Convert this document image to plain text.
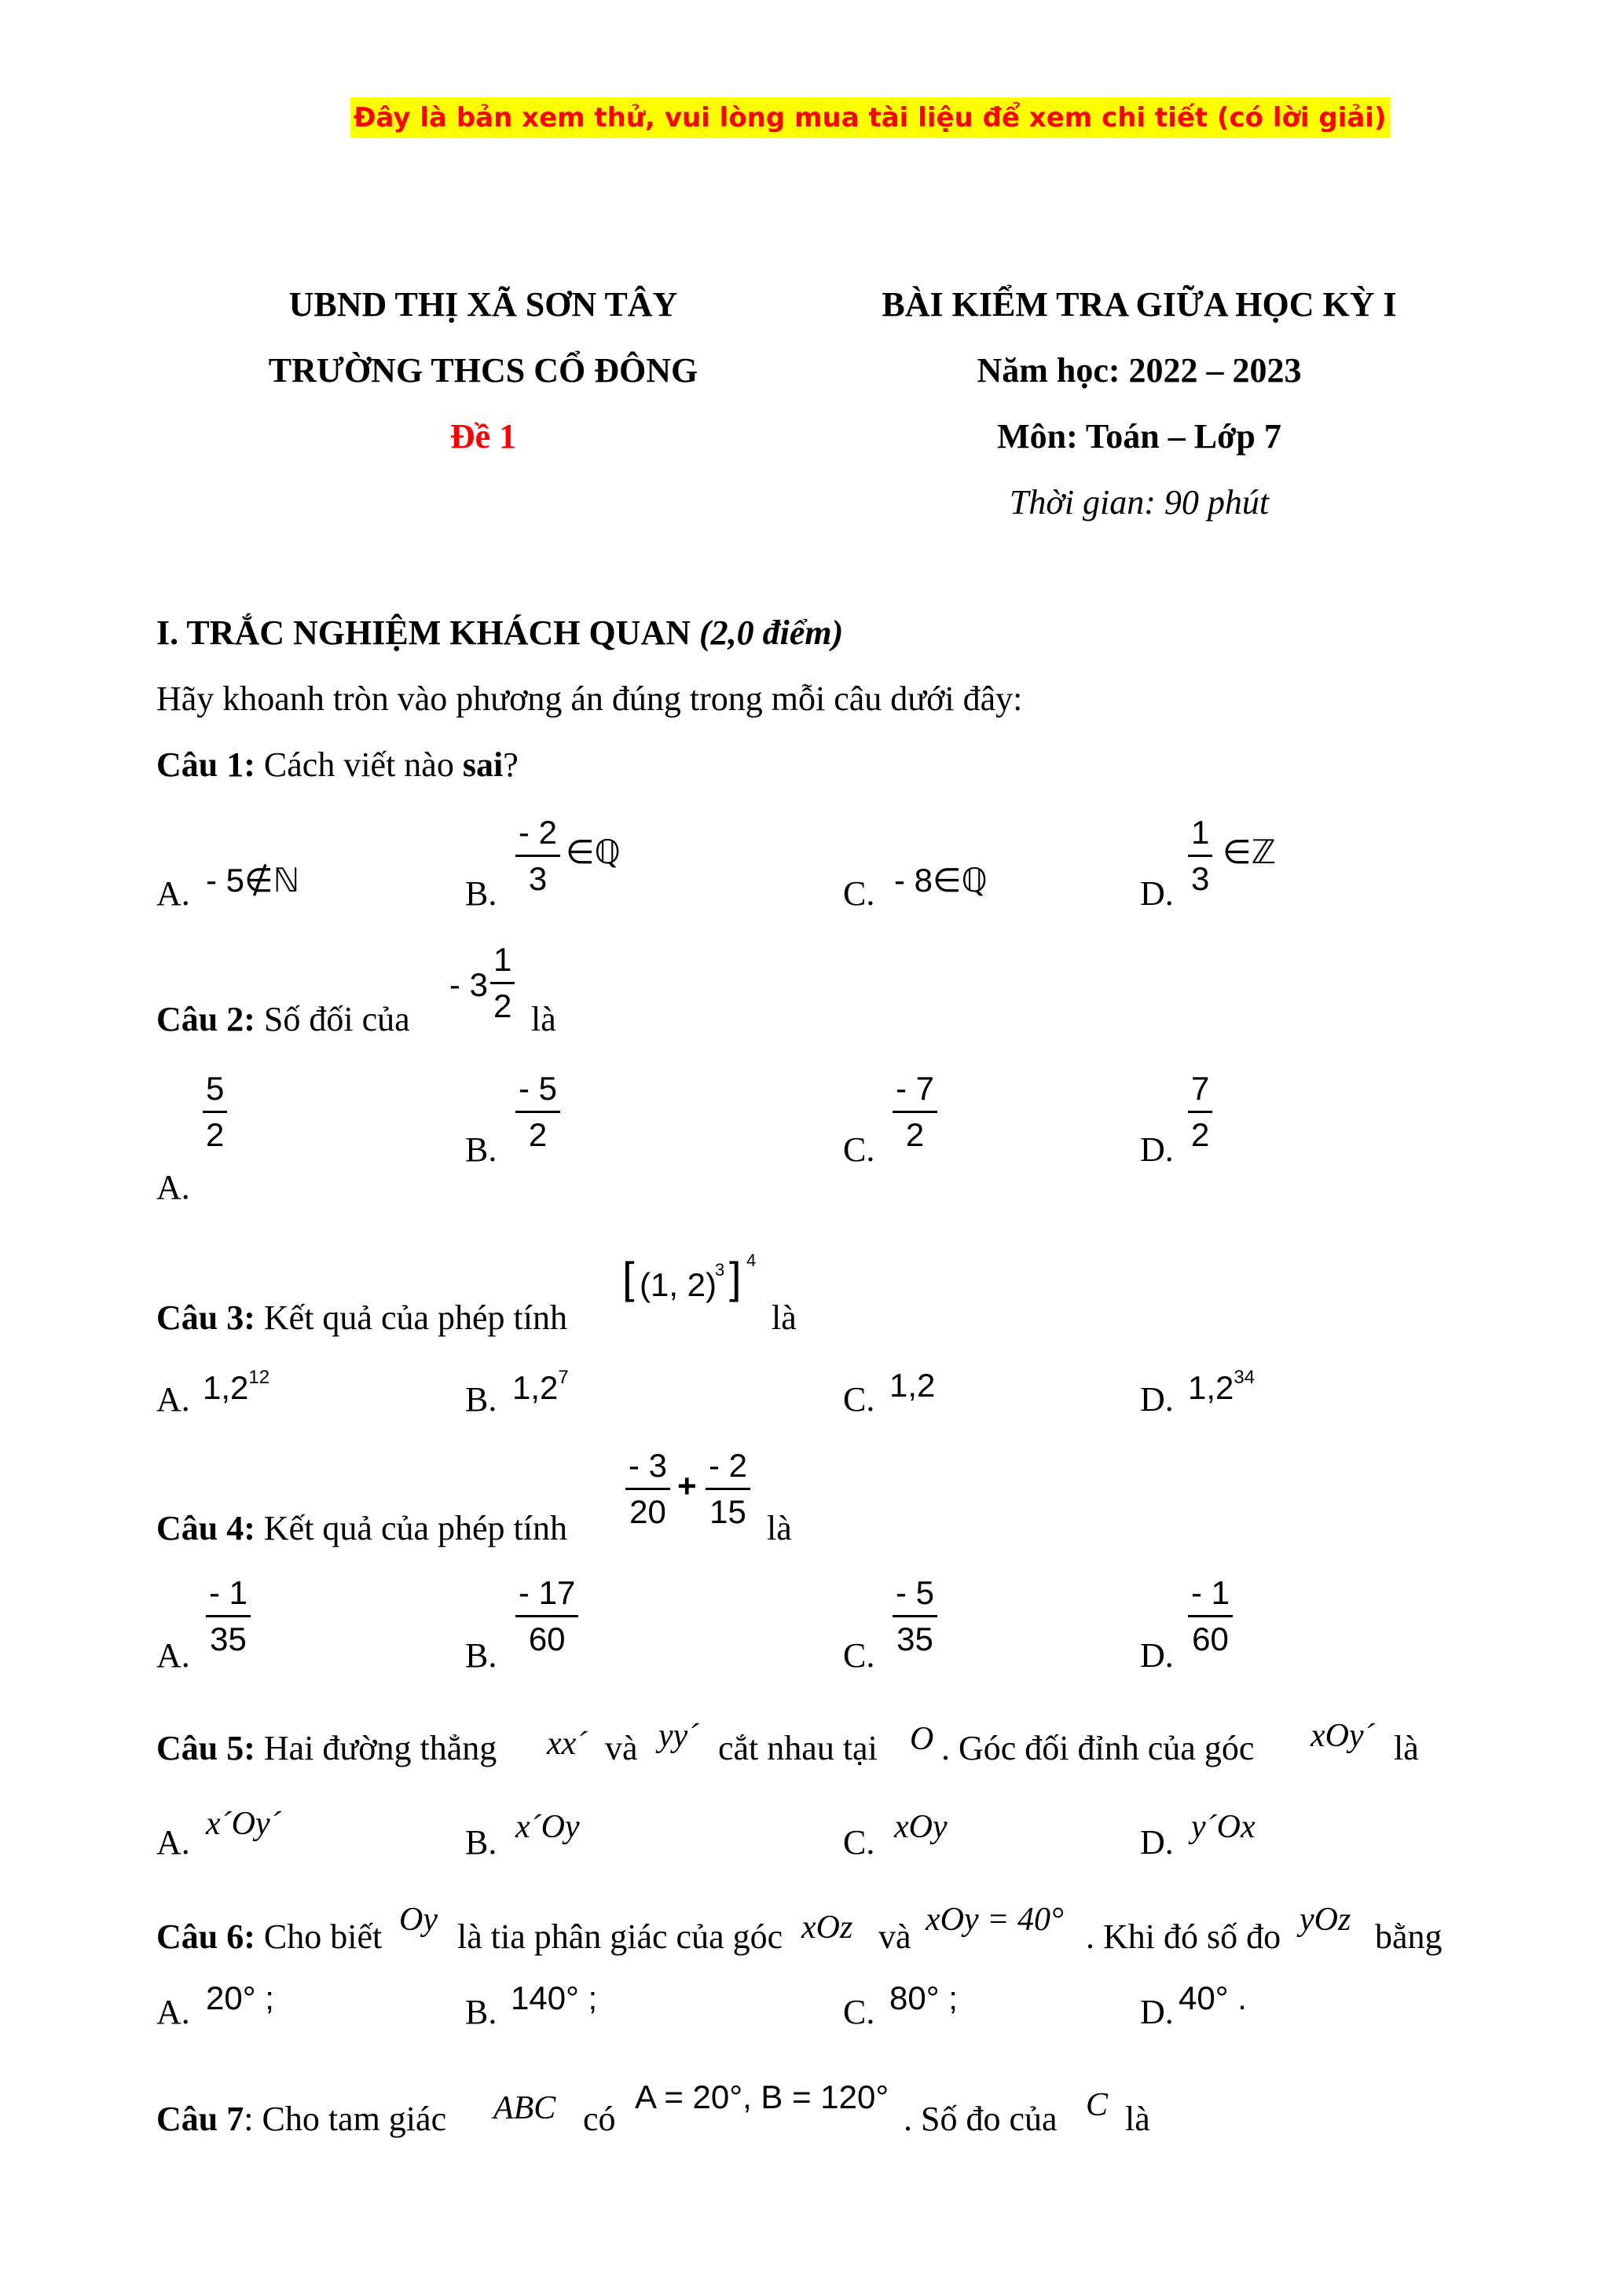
Đây là bản xem thử, vui lòng mua tài liệu để xem chi tiết (có lời giải)
UBND THỊ XÃ SƠN TÂY
TRƯỜNG THCS CỔ ĐÔNG
Đề 1
BÀI KIỂM TRA GIỮA HỌC KỲ I
Năm học: 2022 – 2023
Môn: Toán – Lớp 7
Thời gian: 90 phút
I. TRẮC NGHIỆM KHÁCH QUAN (2,0 điểm)
Hãy khoanh tròn vào phương án đúng trong mỗi câu dưới đây:
Câu 1: Cách viết nào sai?
A. - 5∉ℕ	B. $\frac{- 2}{3}$ ∈ℚ
C. - 8∈ℚ	D. $\frac{1}{3}$ ∈ℤ
Câu 2: Số đối của
- $3 \frac{1}{2}$ là
A.
$\frac{5}{2}$	B. $\frac{- 5}{2}$	C. $\frac{- 7}{2}$	D. $\frac{7}{2}$
Câu 3: Kết quả của phép tính
[ (1, 2)
3 ] 4
là
A. $1,2^{12}$
B. $1,2^7$
C. 1,2	D. $1,2^{34}$
Câu 4: Kết quả của phép tính $\frac{- 3}{20} + \frac{- 2}{15}$ là
A. $\frac{- 1}{35}$	B. $\frac{- 17}{60}$	C. $\frac{- 5}{35}$	D. $\frac{- 1}{60}$
Câu 5: Hai đường thẳng xx´ và yy´ cắt nhau tại O . Góc đối đỉnh của góc xOy´ là
A. x´Oy´	B. x´Oy	C. xOy	D. y´Ox
Câu 6: Cho biết Oy là tia phân giác của góc xOz và xOy = 40° . Khi đó số đo yOz bằng
A. 20° ;	B. 140° ;	C. 80° ;	D. 40° .
Câu 7: Cho tam giác ABC có
A = 20°, B = 120°
. Số đo của C là
